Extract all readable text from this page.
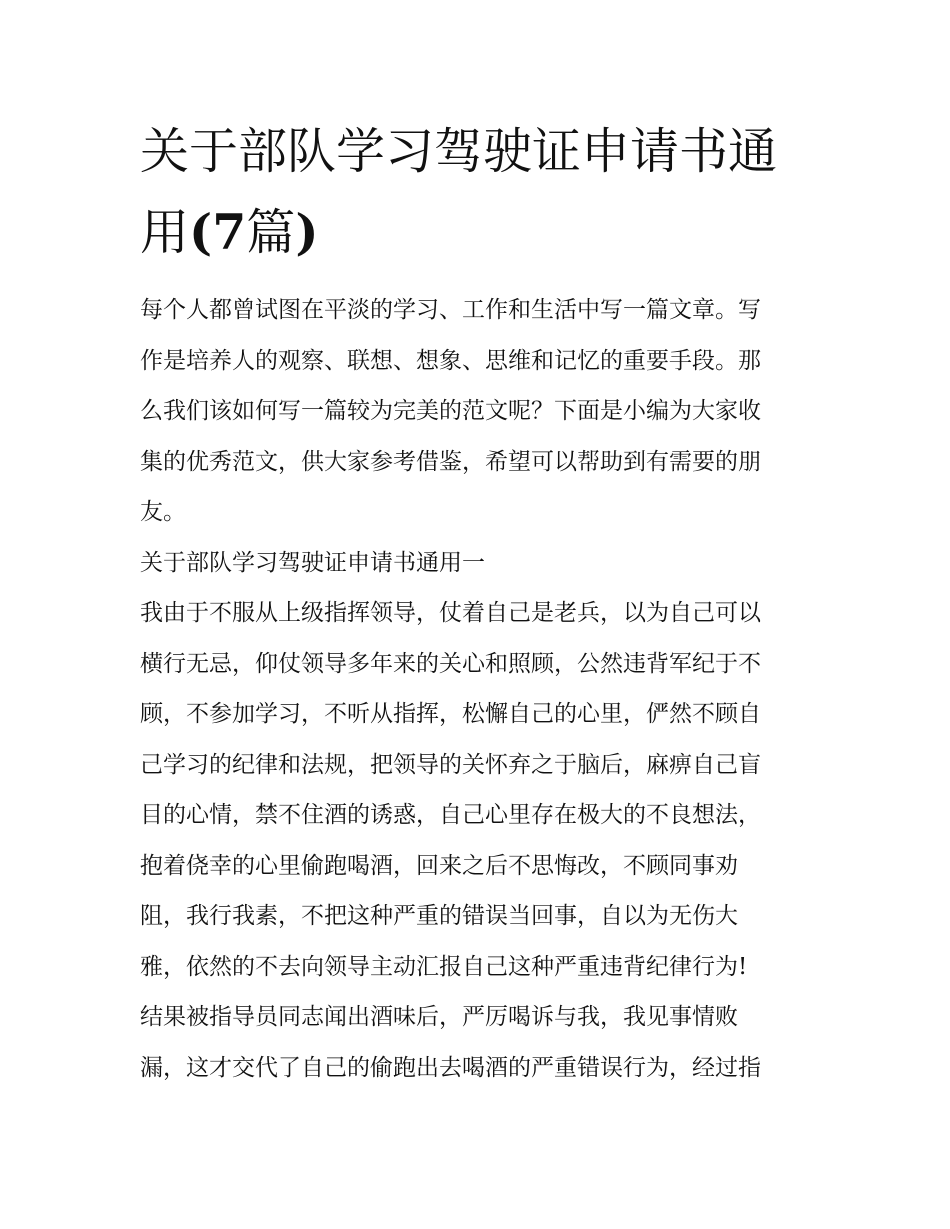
关于部队学习驾驶证申请书通
用(7篇)
每个人都曾试图在平淡的学习、工作和生活中写一篇文章。写
作是培养人的观察、联想、想象、思维和记忆的重要手段。那
么我们该如何写一篇较为完美的范文呢？下面是小编为大家收
集的优秀范文，供大家参考借鉴，希望可以帮助到有需要的朋
友。
关于部队学习驾驶证申请书通用一
我由于不服从上级指挥领导，仗着自己是老兵，以为自己可以
横行无忌，仰仗领导多年来的关心和照顾，公然违背军纪于不
顾，不参加学习，不听从指挥，松懈自己的心里，俨然不顾自
己学习的纪律和法规，把领导的关怀弃之于脑后，麻痹自己盲
目的心情，禁不住酒的诱惑，自己心里存在极大的不良想法，
抱着侥幸的心里偷跑喝酒，回来之后不思悔改，不顾同事劝
阻，我行我素，不把这种严重的错误当回事，自以为无伤大
雅，依然的不去向领导主动汇报自己这种严重违背纪律行为!
结果被指导员同志闻出酒味后，严厉喝诉与我，我见事情败
漏，这才交代了自己的偷跑出去喝酒的严重错误行为，经过指
